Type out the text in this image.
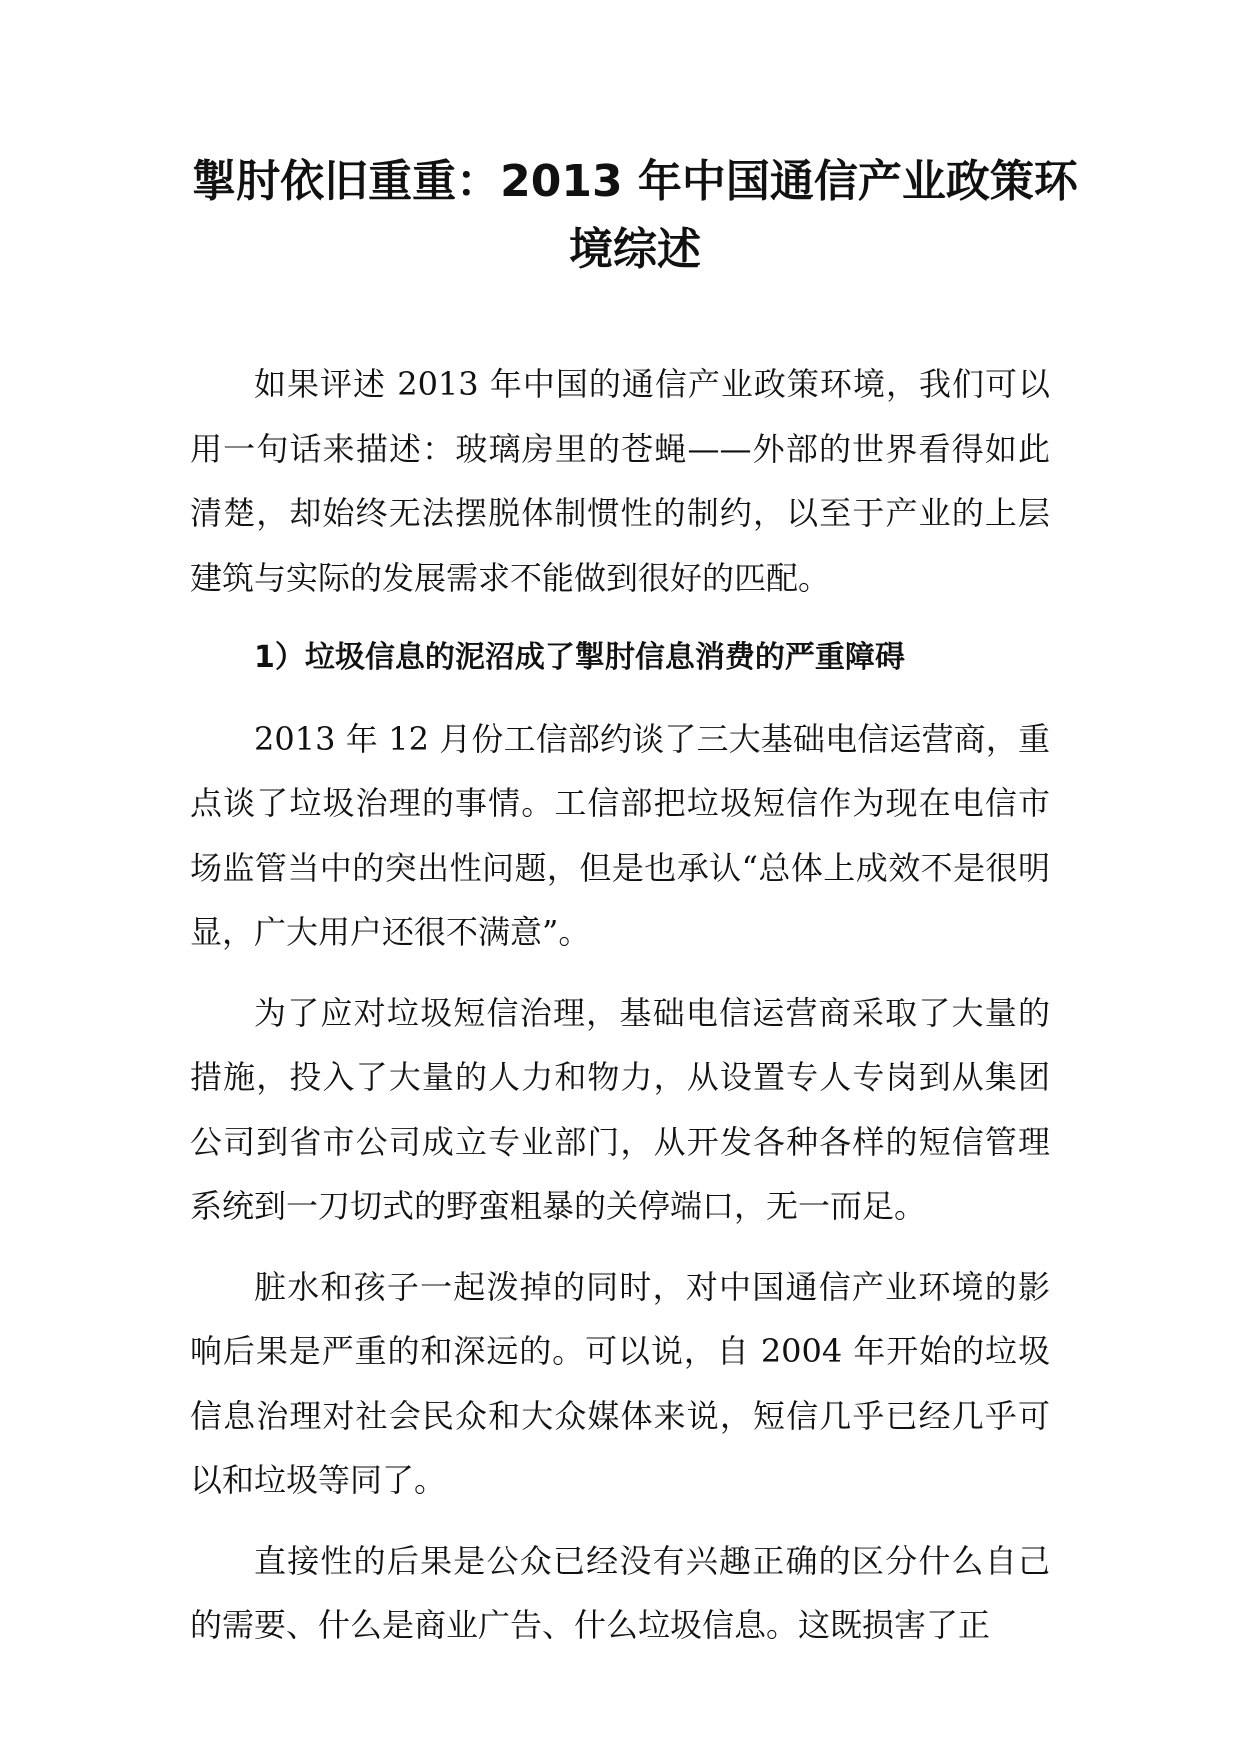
掣肘依旧重重：2013 年中国通信产业政策环境综述

如果评述 2013 年中国的通信产业政策环境，我们可以用一句话来描述：玻璃房里的苍蝇——外部的世界看得如此清楚，却始终无法摆脱体制惯性的制约，以至于产业的上层建筑与实际的发展需求不能做到很好的匹配。

1）垃圾信息的泥沼成了掣肘信息消费的严重障碍

2013 年 12 月份工信部约谈了三大基础电信运营商，重点谈了垃圾治理的事情。工信部把垃圾短信作为现在电信市场监管当中的突出性问题，但是也承认“总体上成效不是很明显，广大用户还很不满意”。

为了应对垃圾短信治理，基础电信运营商采取了大量的措施，投入了大量的人力和物力，从设置专人专岗到从集团公司到省市公司成立专业部门，从开发各种各样的短信管理系统到一刀切式的野蛮粗暴的关停端口，无一而足。

脏水和孩子一起泼掉的同时，对中国通信产业环境的影响后果是严重的和深远的。可以说，自 2004 年开始的垃圾信息治理对社会民众和大众媒体来说，短信几乎已经几乎可以和垃圾等同了。

直接性的后果是公众已经没有兴趣正确的区分什么自己的需要、什么是商业广告、什么垃圾信息。这既损害了正
